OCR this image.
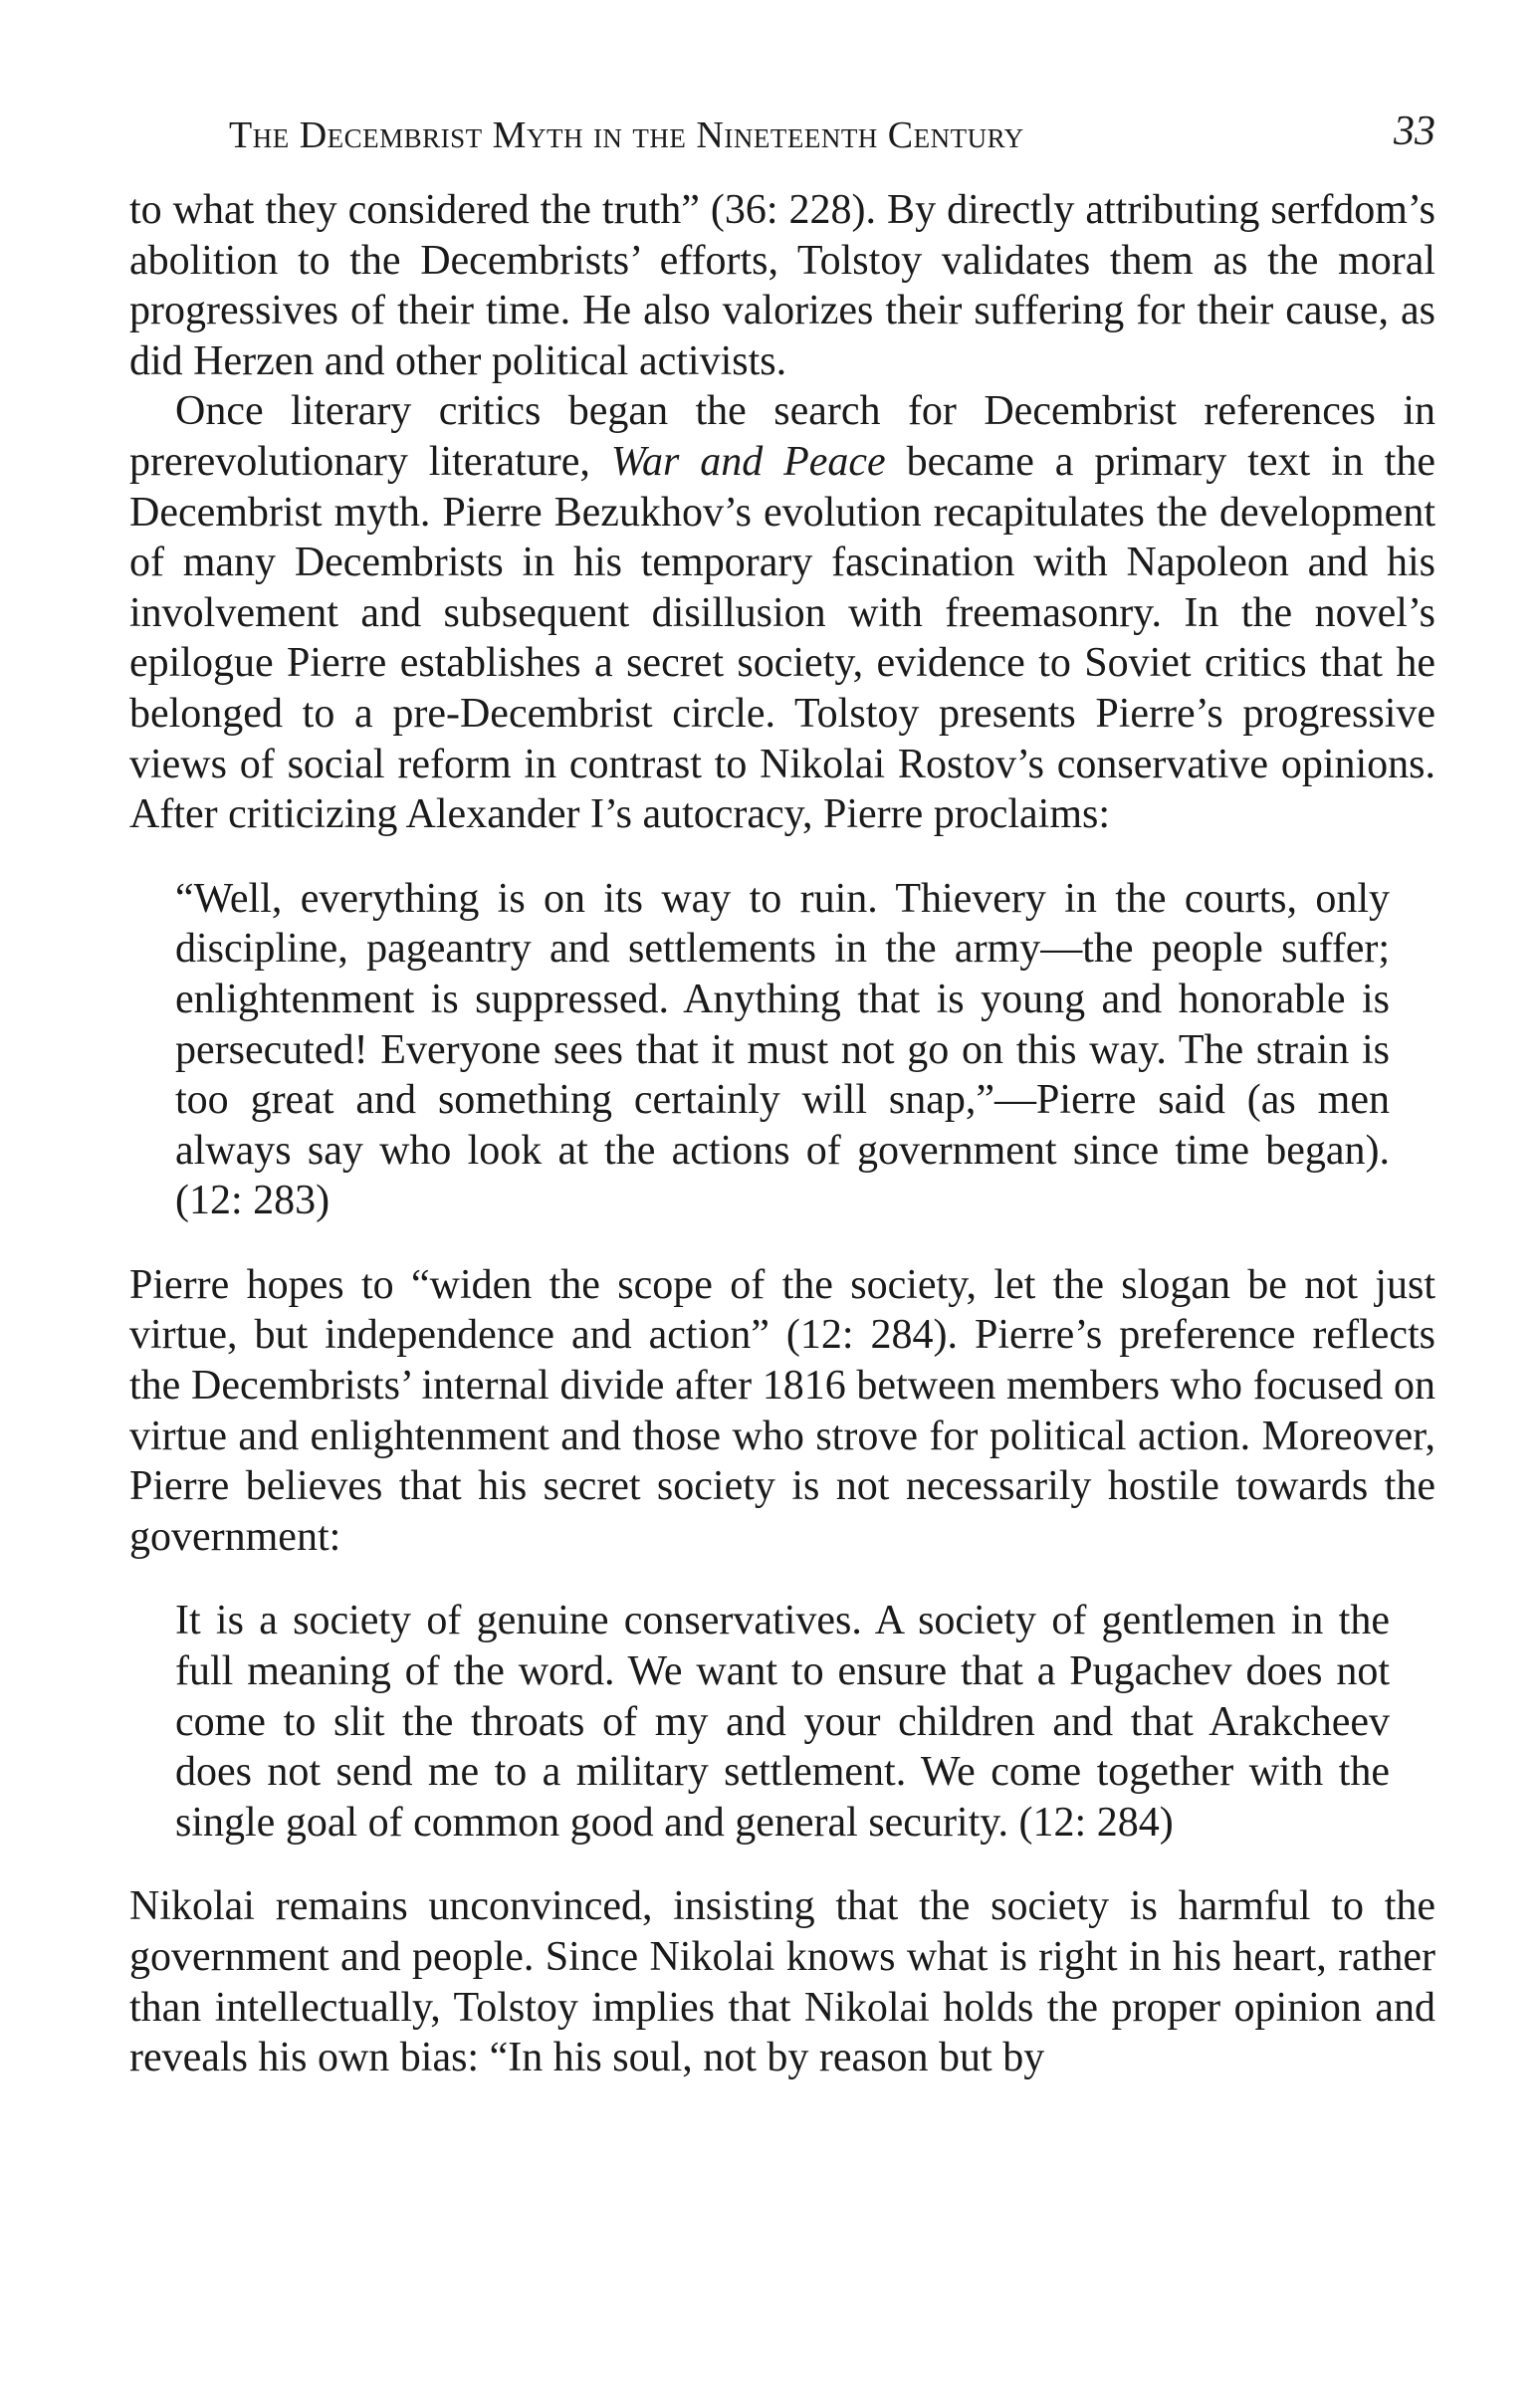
The Decembrist Myth in the Nineteenth Century	33

to what they considered the truth” (36: 228). By directly attributing serfdom’s abolition to the Decembrists’ efforts, Tolstoy validates them as the moral progressives of their time. He also valorizes their suffering for their cause, as did Herzen and other political activists.

Once literary critics began the search for Decembrist references in prerevolutionary literature, War and Peace became a primary text in the Decembrist myth. Pierre Bezukhov’s evolution recapitulates the development of many Decembrists in his temporary fascination with Napoleon and his involvement and subsequent disillusion with freemasonry. In the novel’s epilogue Pierre establishes a secret society, evidence to Soviet critics that he belonged to a pre-Decembrist circle. Tolstoy presents Pierre’s progressive views of social reform in contrast to Nikolai Rostov’s conservative opinions. After criticizing Alexander I’s autocracy, Pierre proclaims:

“Well, everything is on its way to ruin. Thievery in the courts, only discipline, pageantry and settlements in the army—the people suffer; enlightenment is suppressed. Anything that is young and honorable is persecuted! Everyone sees that it must not go on this way. The strain is too great and something certainly will snap,”—Pierre said (as men always say who look at the actions of government since time began). (12: 283)

Pierre hopes to “widen the scope of the society, let the slogan be not just virtue, but independence and action” (12: 284). Pierre’s preference reflects the Decembrists’ internal divide after 1816 between members who focused on virtue and enlightenment and those who strove for political action. Moreover, Pierre believes that his secret society is not necessarily hostile towards the government:

It is a society of genuine conservatives. A society of gentlemen in the full meaning of the word. We want to ensure that a Pugachev does not come to slit the throats of my and your children and that Arakcheev does not send me to a military settlement. We come together with the single goal of common good and general security. (12: 284)

Nikolai remains unconvinced, insisting that the society is harmful to the government and people. Since Nikolai knows what is right in his heart, rather than intellectually, Tolstoy implies that Nikolai holds the proper opinion and reveals his own bias: “In his soul, not by reason but by
